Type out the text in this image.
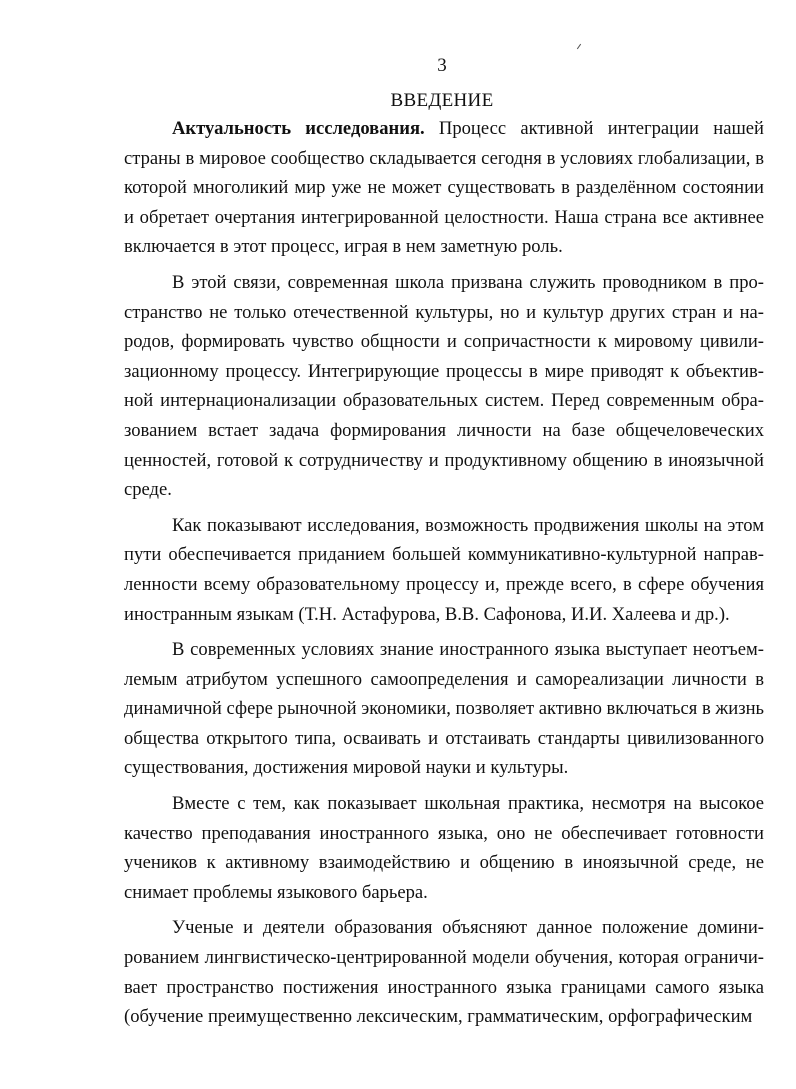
3
ВВЕДЕНИЕ

Актуальность исследования. Процесс активной интеграции нашей страны в мировое сообщество складывается сегодня в условиях глобализации, в которой многоликий мир уже не может существовать в разделённом состоянии и обретает очертания интегрированной целостности. Наша страна все активнее включается в этот процесс, играя в нем заметную роль.

В этой связи, современная школа призвана служить проводником в пространство не только отечественной культуры, но и культур других стран и народов, формировать чувство общности и сопричастности к мировому цивилизационному процессу. Интегрирующие процессы в мире приводят к объективной интернационализации образовательных систем. Перед современным образованием встает задача формирования личности на базе общечеловеческих ценностей, готовой к сотрудничеству и продуктивному общению в иноязычной среде.

Как показывают исследования, возможность продвижения школы на этом пути обеспечивается приданием большей коммуникативно-культурной направленности всему образовательному процессу и, прежде всего, в сфере обучения иностранным языкам (Т.Н. Астафурова, В.В. Сафонова, И.И. Халеева и др.).

В современных условиях знание иностранного языка выступает неотъемлемым атрибутом успешного самоопределения и самореализации личности в динамичной сфере рыночной экономики, позволяет активно включаться в жизнь общества открытого типа, осваивать и отстаивать стандарты цивилизованного существования, достижения мировой науки и культуры.

Вместе с тем, как показывает школьная практика, несмотря на высокое качество преподавания иностранного языка, оно не обеспечивает готовности учеников к активному взаимодействию и общению в иноязычной среде, не снимает проблемы языкового барьера.

Ученые и деятели образования объясняют данное положение доминированием лингвистическо-центрированной модели обучения, которая ограничивает пространство постижения иностранного языка границами самого языка (обучение преимущественно лексическим, грамматическим, орфографическим
